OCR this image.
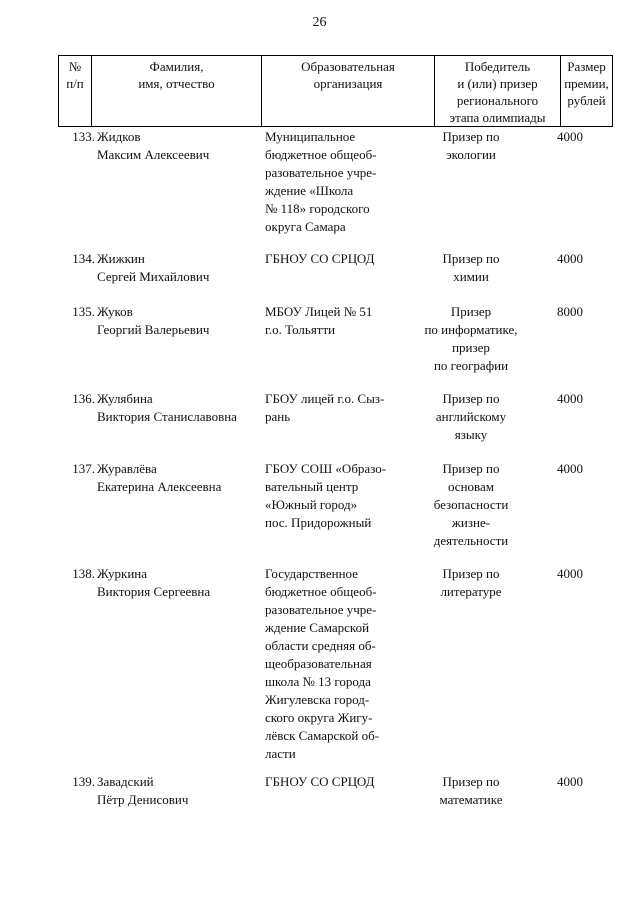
26
№
п/п
Фамилия,
имя, отчество
Образовательная
организация
Победитель
и (или) призер
регионального
этапа олимпиады
Размер
премии,
рублей
133. Жидков
Максим Алексеевич
Муниципальное
бюджетное общеоб-
разовательное учре-
ждение «Школа
№ 118» городского
округа Самара
Призер по
экологии
4000
134. Жижкин
Сергей Михайлович
ГБНОУ СО СРЦОД	Призер по
химии
4000
135. Жуков
Георгий Валерьевич
МБОУ Лицей № 51
г.о. Тольятти
Призер
по информатике,
призер
по географии
8000
136. Жулябина
Виктория Станиславовна
ГБОУ лицей г.о. Сыз-
рань
Призер по
английскому
языку
4000
137. Журавлёва
Екатерина Алексеевна
ГБОУ СОШ «Образо-
вательный центр
«Южный город»
пос. Придорожный
Призер по
основам
безопасности
жизне-
деятельности
4000
138. Журкина
Виктория Сергеевна
Государственное
бюджетное общеоб-
разовательное учре-
ждение Самарской
области средняя об-
щеобразовательная
школа № 13 города
Жигулевска город-
ского округа Жигу-
лёвск Самарской об-
ласти
Призер по
литературе
4000
139. Завадский
Пётр Денисович
ГБНОУ СО СРЦОД	Призер по
математике
4000
